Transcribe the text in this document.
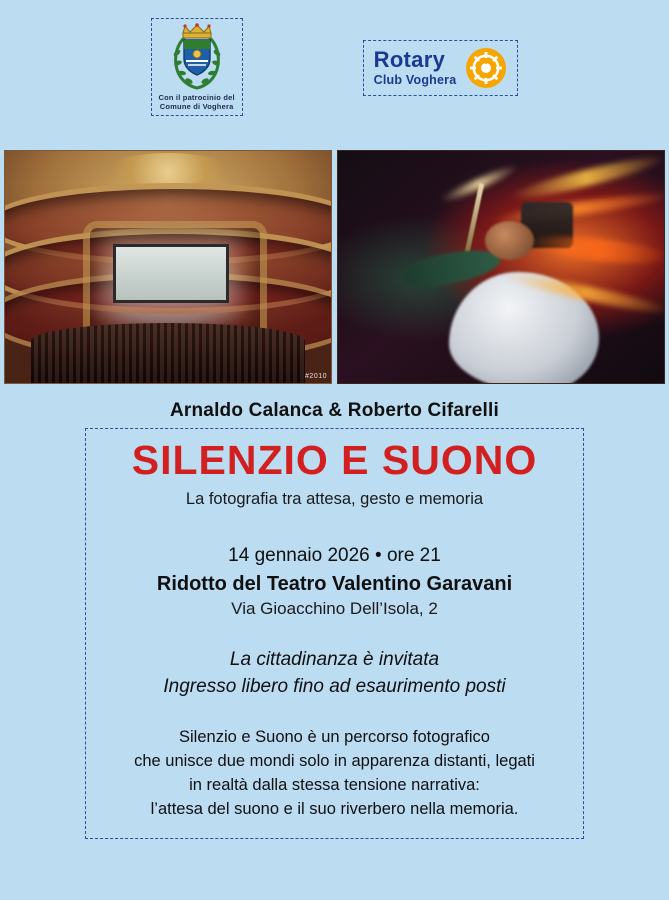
Con il patrocinio del
Comune di Voghera
Rotary
Club Voghera
#2010
Arnaldo Calanca & Roberto Cifarelli
SILENZIO E SUONO
La fotografia tra attesa, gesto e memoria
14 gennaio 2026 • ore 21
Ridotto del Teatro Valentino Garavani
Via Gioacchino Dell’Isola, 2
La cittadinanza è invitata
Ingresso libero fino ad esaurimento posti
Silenzio e Suono è un percorso fotografico
che unisce due mondi solo in apparenza distanti, legati
in realtà dalla stessa tensione narrativa:
l’attesa del suono e il suo riverbero nella memoria.
